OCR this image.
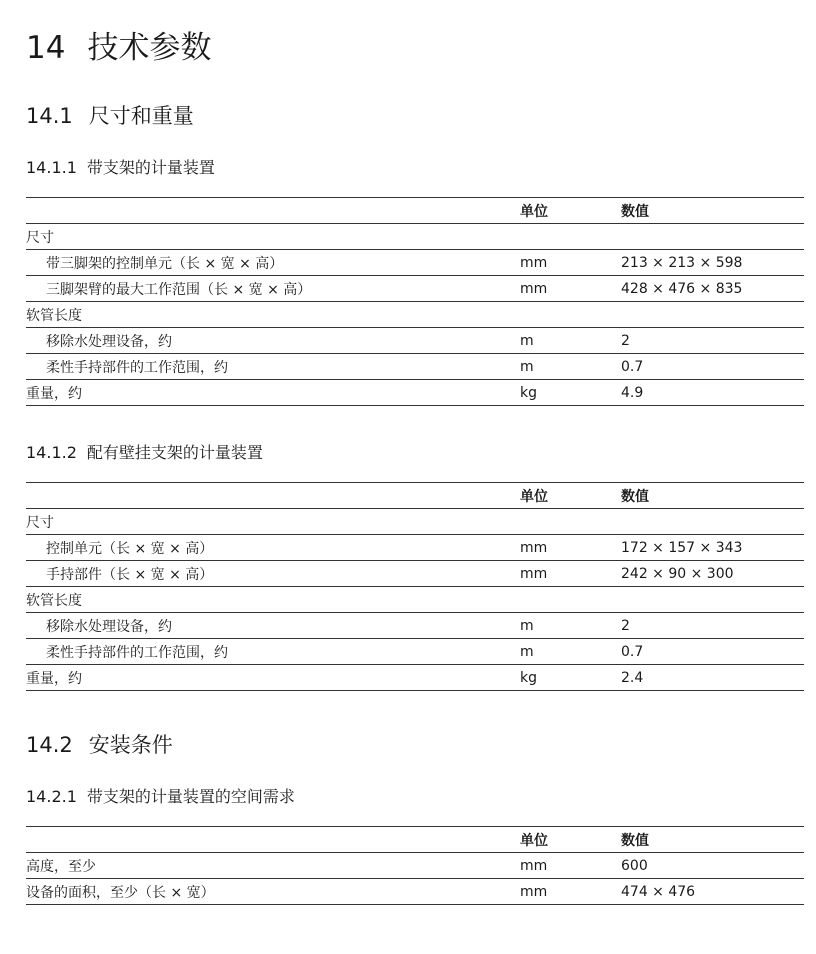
14 技术参数
14.1 尺寸和重量
14.1.1 带支架的计量装置
	单位	数值
尺寸		
带三脚架的控制单元（长 × 宽 × 高）	mm	213 × 213 × 598
三脚架臂的最大工作范围（长 × 宽 × 高）	mm	428 × 476 × 835
软管长度		
移除水处理设备，约	m	2
柔性手持部件的工作范围，约	m	0.7
重量，约	kg	4.9
14.1.2 配有壁挂支架的计量装置
	单位	数值
尺寸		
控制单元（长 × 宽 × 高）	mm	172 × 157 × 343
手持部件（长 × 宽 × 高）	mm	242 × 90 × 300
软管长度		
移除水处理设备，约	m	2
柔性手持部件的工作范围，约	m	0.7
重量，约	kg	2.4
14.2 安装条件
14.2.1 带支架的计量装置的空间需求
	单位	数值
高度，至少	mm	600
设备的面积，至少（长 × 宽）	mm	474 × 476
